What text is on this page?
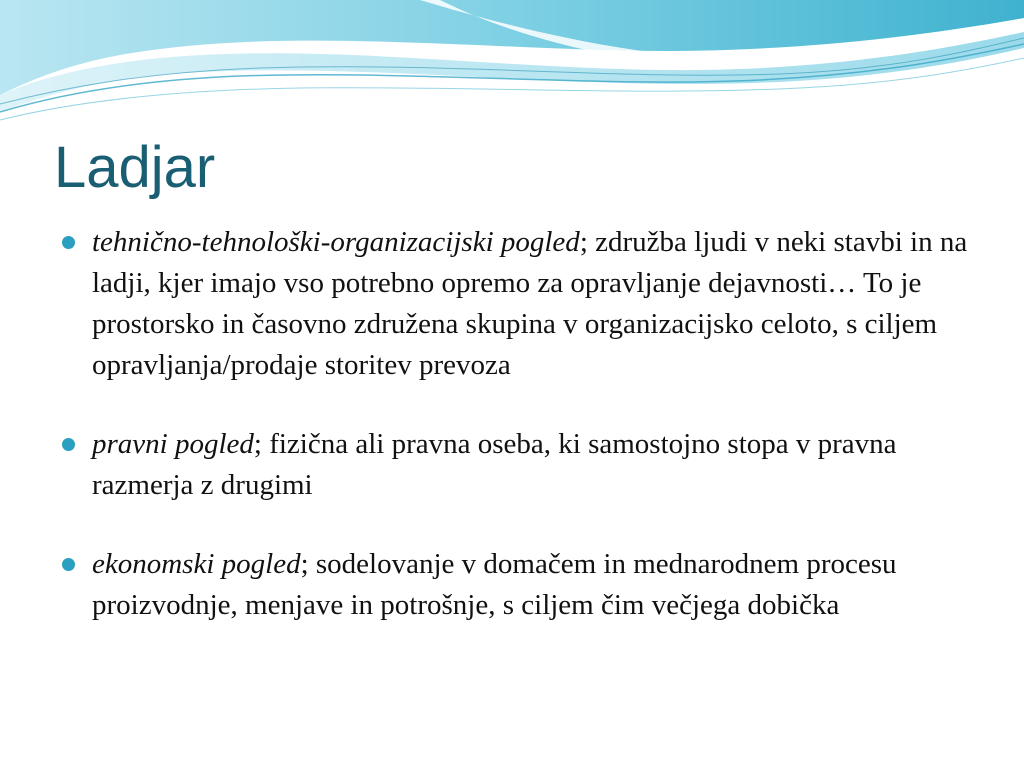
Ladjar
tehnično-tehnološki-organizacijski pogled; združba ljudi v neki stavbi in na ladji, kjer imajo vso potrebno opremo za opravljanje dejavnosti… To je prostorsko in časovno združena skupina v organizacijsko celoto, s ciljem opravljanja/prodaje storitev prevoza
pravni pogled; fizična ali pravna oseba, ki samostojno stopa v pravna razmerja z drugimi
ekonomski pogled; sodelovanje v domačem in mednarodnem procesu proizvodnje, menjave in potrošnje, s ciljem čim večjega dobička
